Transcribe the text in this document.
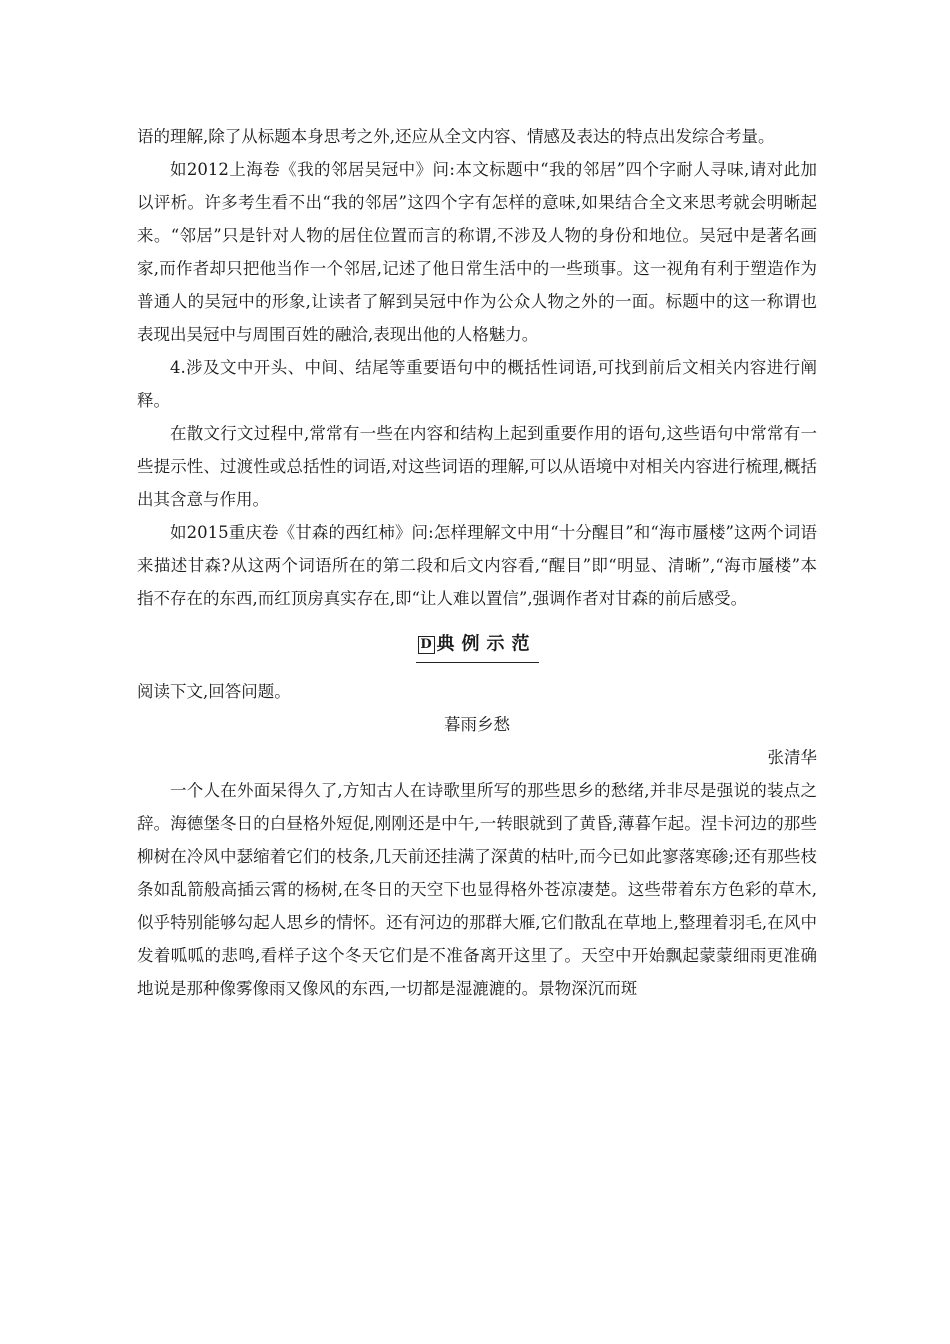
语的理解,除了从标题本身思考之外,还应从全文内容、情感及表达的特点出发综合考量。

如2012上海卷《我的邻居吴冠中》问:本文标题中“我的邻居”四个字耐人寻味,请对此加以评析。许多考生看不出“我的邻居”这四个字有怎样的意味,如果结合全文来思考就会明晰起来。“邻居”只是针对人物的居住位置而言的称谓,不涉及人物的身份和地位。吴冠中是著名画家,而作者却只把他当作一个邻居,记述了他日常生活中的一些琐事。这一视角有利于塑造作为普通人的吴冠中的形象,让读者了解到吴冠中作为公众人物之外的一面。标题中的这一称谓也表现出吴冠中与周围百姓的融洽,表现出他的人格魅力。

4.涉及文中开头、中间、结尾等重要语句中的概括性词语,可找到前后文相关内容进行阐释。

在散文行文过程中,常常有一些在内容和结构上起到重要作用的语句,这些语句中常常有一些提示性、过渡性或总括性的词语,对这些词语的理解,可以从语境中对相关内容进行梳理,概括出其含意与作用。

如2015重庆卷《甘森的西红柿》问:怎样理解文中用“十分醒目”和“海市蜃楼”这两个词语来描述甘森?从这两个词语所在的第二段和后文内容看,“醒目”即“明显、清晰”,“海市蜃楼”本指不存在的东西,而红顶房真实存在,即“让人难以置信”,强调作者对甘森的前后感受。

D 典例示范

阅读下文,回答问题。

暮雨乡愁

张清华

一个人在外面呆得久了,方知古人在诗歌里所写的那些思乡的愁绪,并非尽是强说的装点之辞。海德堡冬日的白昼格外短促,刚刚还是中午,一转眼就到了黄昏,薄暮乍起。涅卡河边的那些柳树在冷风中瑟缩着它们的枝条,几天前还挂满了深黄的枯叶,而今已如此寥落寒碜;还有那些枝条如乱箭般高插云霄的杨树,在冬日的天空下也显得格外苍凉凄楚。这些带着东方色彩的草木,似乎特别能够勾起人思乡的情怀。还有河边的那群大雁,它们散乱在草地上,整理着羽毛,在风中发着呱呱的悲鸣,看样子这个冬天它们是不准备离开这里了。天空中开始飘起蒙蒙细雨更准确地说是那种像雾像雨又像风的东西,一切都是湿漉漉的。景物深沉而斑
